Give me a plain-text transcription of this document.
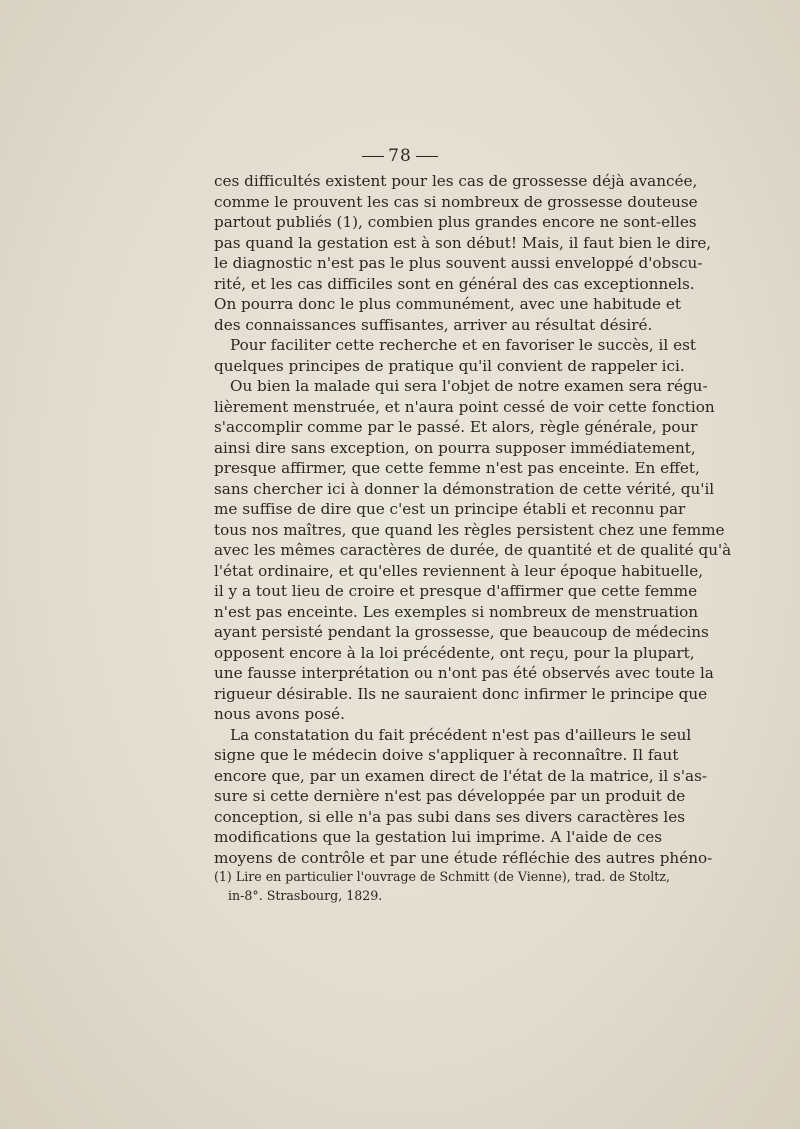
78
ces difficultés existent pour les cas de grossesse déjà avancée,
comme le prouvent les cas si nombreux de grossesse douteuse
partout publiés (1), combien plus grandes encore ne sont-elles
pas quand la gestation est à son début! Mais, il faut bien le dire,
le diagnostic n'est pas le plus souvent aussi enveloppé d'obscu-
rité, et les cas difficiles sont en général des cas exceptionnels.
On pourra donc le plus communément, avec une habitude et
des connaissances suffisantes, arriver au résultat désiré.
Pour faciliter cette recherche et en favoriser le succès, il est
quelques principes de pratique qu'il convient de rappeler ici.
Ou bien la malade qui sera l'objet de notre examen sera régu-
lièrement menstruée, et n'aura point cessé de voir cette fonction
s'accomplir comme par le passé. Et alors, règle générale, pour
ainsi dire sans exception, on pourra supposer immédiatement,
presque affirmer, que cette femme n'est pas enceinte. En effet,
sans chercher ici à donner la démonstration de cette vérité, qu'il
me suffise de dire que c'est un principe établi et reconnu par
tous nos maîtres, que quand les règles persistent chez une femme
avec les mêmes caractères de durée, de quantité et de qualité qu'à
l'état ordinaire, et qu'elles reviennent à leur époque habituelle,
il y a tout lieu de croire et presque d'affirmer que cette femme
n'est pas enceinte. Les exemples si nombreux de menstruation
ayant persisté pendant la grossesse, que beaucoup de médecins
opposent encore à la loi précédente, ont reçu, pour la plupart,
une fausse interprétation ou n'ont pas été observés avec toute la
rigueur désirable. Ils ne sauraient donc infirmer le principe que
nous avons posé.
La constatation du fait précédent n'est pas d'ailleurs le seul
signe que le médecin doive s'appliquer à reconnaître. Il faut
encore que, par un examen direct de l'état de la matrice, il s'as-
sure si cette dernière n'est pas développée par un produit de
conception, si elle n'a pas subi dans ses divers caractères les
modifications que la gestation lui imprime. A l'aide de ces
moyens de contrôle et par une étude réfléchie des autres phéno-
(1) Lire en particulier l'ouvrage de Schmitt (de Vienne), trad. de Stoltz,
in-8°. Strasbourg, 1829.
